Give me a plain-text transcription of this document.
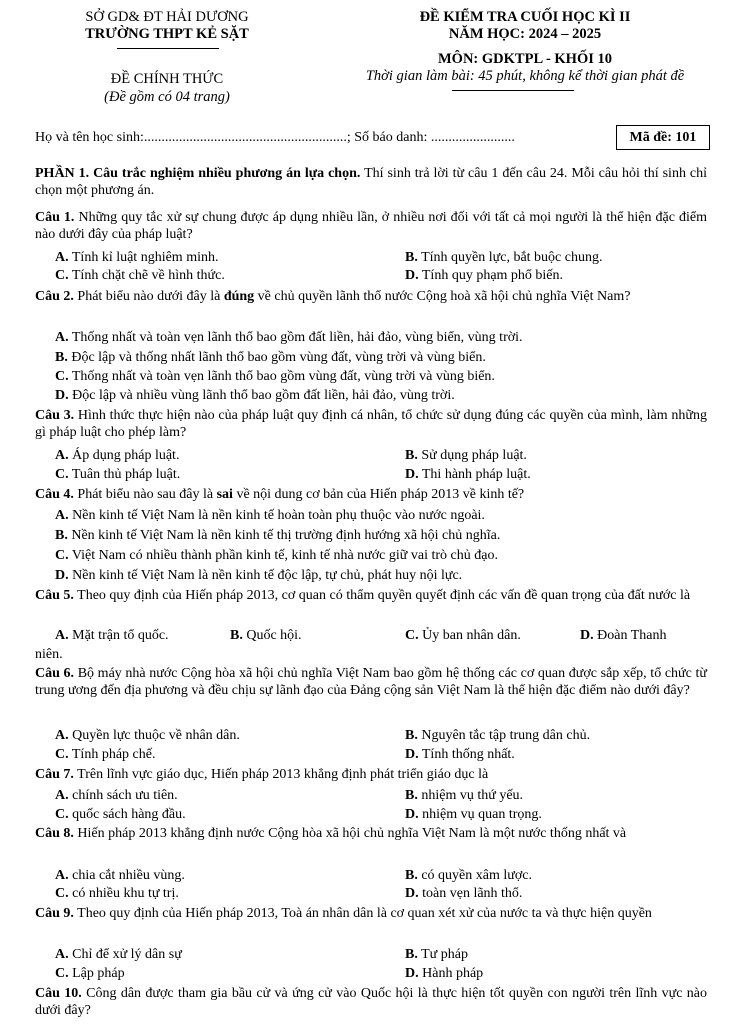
SỞ GD& ĐT HẢI DƯƠNG
TRƯỜNG THPT KẺ SẶT
ĐỀ CHÍNH THỨC
(Đề gồm có 04 trang)
ĐỀ KIỂM TRA CUỐI HỌC KÌ II
NĂM HỌC: 2024 – 2025
MÔN: GDKTPL - KHỐI 10
Thời gian làm bài: 45 phút, không kể thời gian phát đề
Họ và tên học sinh:..........................................................; Số báo danh: ........................	Mã đề: 101
PHẦN 1. Câu trắc nghiệm nhiều phương án lựa chọn. Thí sinh trả lời từ câu 1 đến câu 24. Mỗi câu hỏi thí sinh chỉ chọn một phương án.
Câu 1. Những quy tắc xử sự chung được áp dụng nhiều lần, ở nhiều nơi đối với tất cả mọi người là thể hiện đặc điểm nào dưới đây của pháp luật?
A. Tính kỉ luật nghiêm minh.	B. Tính quyền lực, bắt buộc chung.
C. Tính chặt chẽ về hình thức.	D. Tính quy phạm phổ biến.
Câu 2. Phát biểu nào dưới đây là đúng về chủ quyền lãnh thổ nước Cộng hoà xã hội chủ nghĩa Việt Nam?
A. Thống nhất và toàn vẹn lãnh thổ bao gồm đất liền, hải đảo, vùng biển, vùng trời.
B. Độc lập và thống nhất lãnh thổ bao gồm vùng đất, vùng trời và vùng biển.
C. Thống nhất và toàn vẹn lãnh thổ bao gồm vùng đất, vùng trời và vùng biển.
D. Độc lập và nhiều vùng lãnh thổ bao gồm đất liền, hải đảo, vùng trời.
Câu 3. Hình thức thực hiện nào của pháp luật quy định cá nhân, tổ chức sử dụng đúng các quyền của mình, làm những gì pháp luật cho phép làm?
A. Áp dụng pháp luật.	B. Sử dụng pháp luật.
C. Tuân thủ pháp luật.	D. Thi hành pháp luật.
Câu 4. Phát biểu nào sau đây là sai về nội dung cơ bản của Hiến pháp 2013 về kinh tế?
A. Nền kinh tế Việt Nam là nền kinh tế hoàn toàn phụ thuộc vào nước ngoài.
B. Nền kinh tế Việt Nam là nền kinh tế thị trường định hướng xã hội chủ nghĩa.
C. Việt Nam có nhiều thành phần kinh tế, kinh tế nhà nước giữ vai trò chủ đạo.
D. Nền kinh tế Việt Nam là nền kinh tế độc lập, tự chủ, phát huy nội lực.
Câu 5. Theo quy định của Hiến pháp 2013, cơ quan có thẩm quyền quyết định các vấn đề quan trọng của đất nước là
A. Mặt trận tổ quốc.	B. Quốc hội.	C. Ủy ban nhân dân.	D. Đoàn Thanh
niên.
Câu 6. Bộ máy nhà nước Cộng hòa xã hội chủ nghĩa Việt Nam bao gồm hệ thống các cơ quan được sắp xếp, tổ chức từ trung ương đến địa phương và đều chịu sự lãnh đạo của Đảng cộng sản Việt Nam là thể hiện đặc điểm nào dưới đây?
A. Quyền lực thuộc về nhân dân.	B. Nguyên tắc tập trung dân chủ.
C. Tính pháp chế.	D. Tính thống nhất.
Câu 7. Trên lĩnh vực giáo dục, Hiến pháp 2013 khẳng định phát triển giáo dục là
A. chính sách ưu tiên.	B. nhiệm vụ thứ yếu.
C. quốc sách hàng đầu.	D. nhiệm vụ quan trọng.
Câu 8. Hiến pháp 2013 khẳng định nước Cộng hòa xã hội chủ nghĩa Việt Nam là một nước thống nhất và
A. chia cắt nhiều vùng.	B. có quyền xâm lược.
C. có nhiều khu tự trị.	D. toàn vẹn lãnh thổ.
Câu 9. Theo quy định của Hiến pháp 2013, Toà án nhân dân là cơ quan xét xử của nước ta và thực hiện quyền
A. Chỉ để xử lý dân sự	B. Tư pháp
C. Lập pháp	D. Hành pháp
Câu 10. Công dân được tham gia bầu cử và ứng cử vào Quốc hội là thực hiện tốt quyền con người trên lĩnh vực nào dưới đây?
